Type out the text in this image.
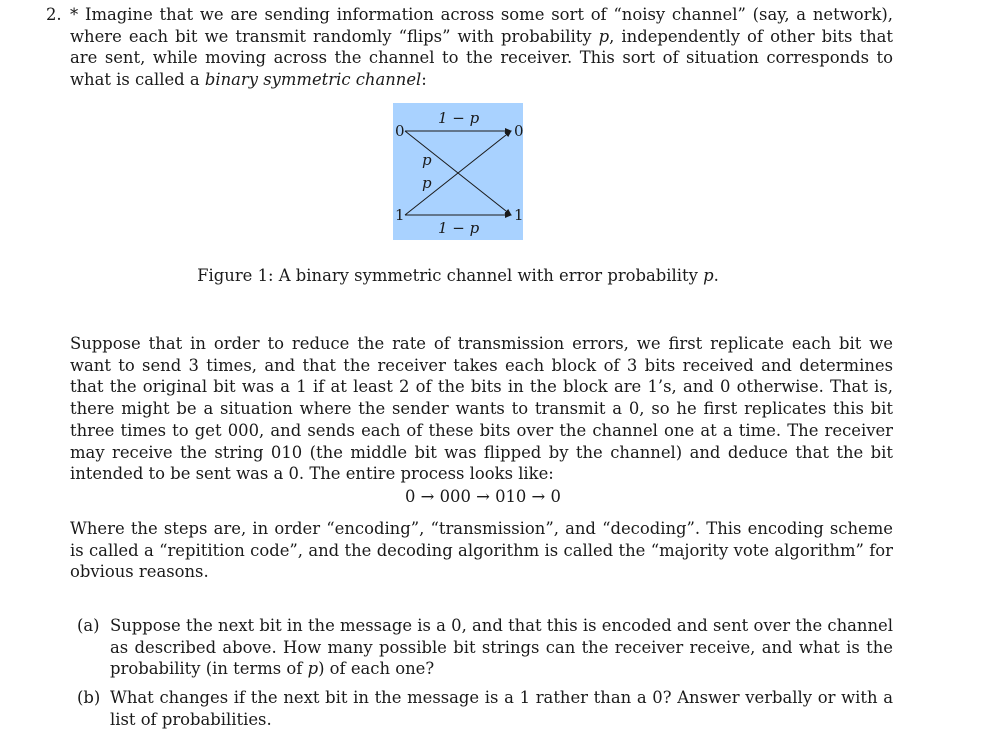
2. * Imagine that we are sending information across some sort of “noisy channel” (say, a network), where each bit we transmit randomly “flips” with probability p, independently of other bits that are sent, while moving across the channel to the receiver. This sort of situation corresponds to what is called a binary symmetric channel:
0
1
0
1
1 − p
1 − p
p
p
Figure 1: A binary symmetric channel with error probability p.
Suppose that in order to reduce the rate of transmission errors, we first replicate each bit we want to send 3 times, and that the receiver takes each block of 3 bits received and determines that the original bit was a 1 if at least 2 of the bits in the block are 1’s, and 0 otherwise. That is, there might be a situation where the sender wants to transmit a 0, so he first replicates this bit three times to get 000, and sends each of these bits over the channel one at a time. The receiver may receive the string 010 (the middle bit was flipped by the channel) and deduce that the bit intended to be sent was a 0. The entire process looks like:
0 → 000 → 010 → 0
Where the steps are, in order “encoding”, “transmission”, and “decoding”. This encoding scheme is called a “repitition code”, and the decoding algorithm is called the “majority vote algorithm” for obvious reasons.
(a) Suppose the next bit in the message is a 0, and that this is encoded and sent over the channel as described above. How many possible bit strings can the receiver receive, and what is the probability (in terms of p) of each one?
(b) What changes if the next bit in the message is a 1 rather than a 0? Answer verbally or with a list of probabilities.
